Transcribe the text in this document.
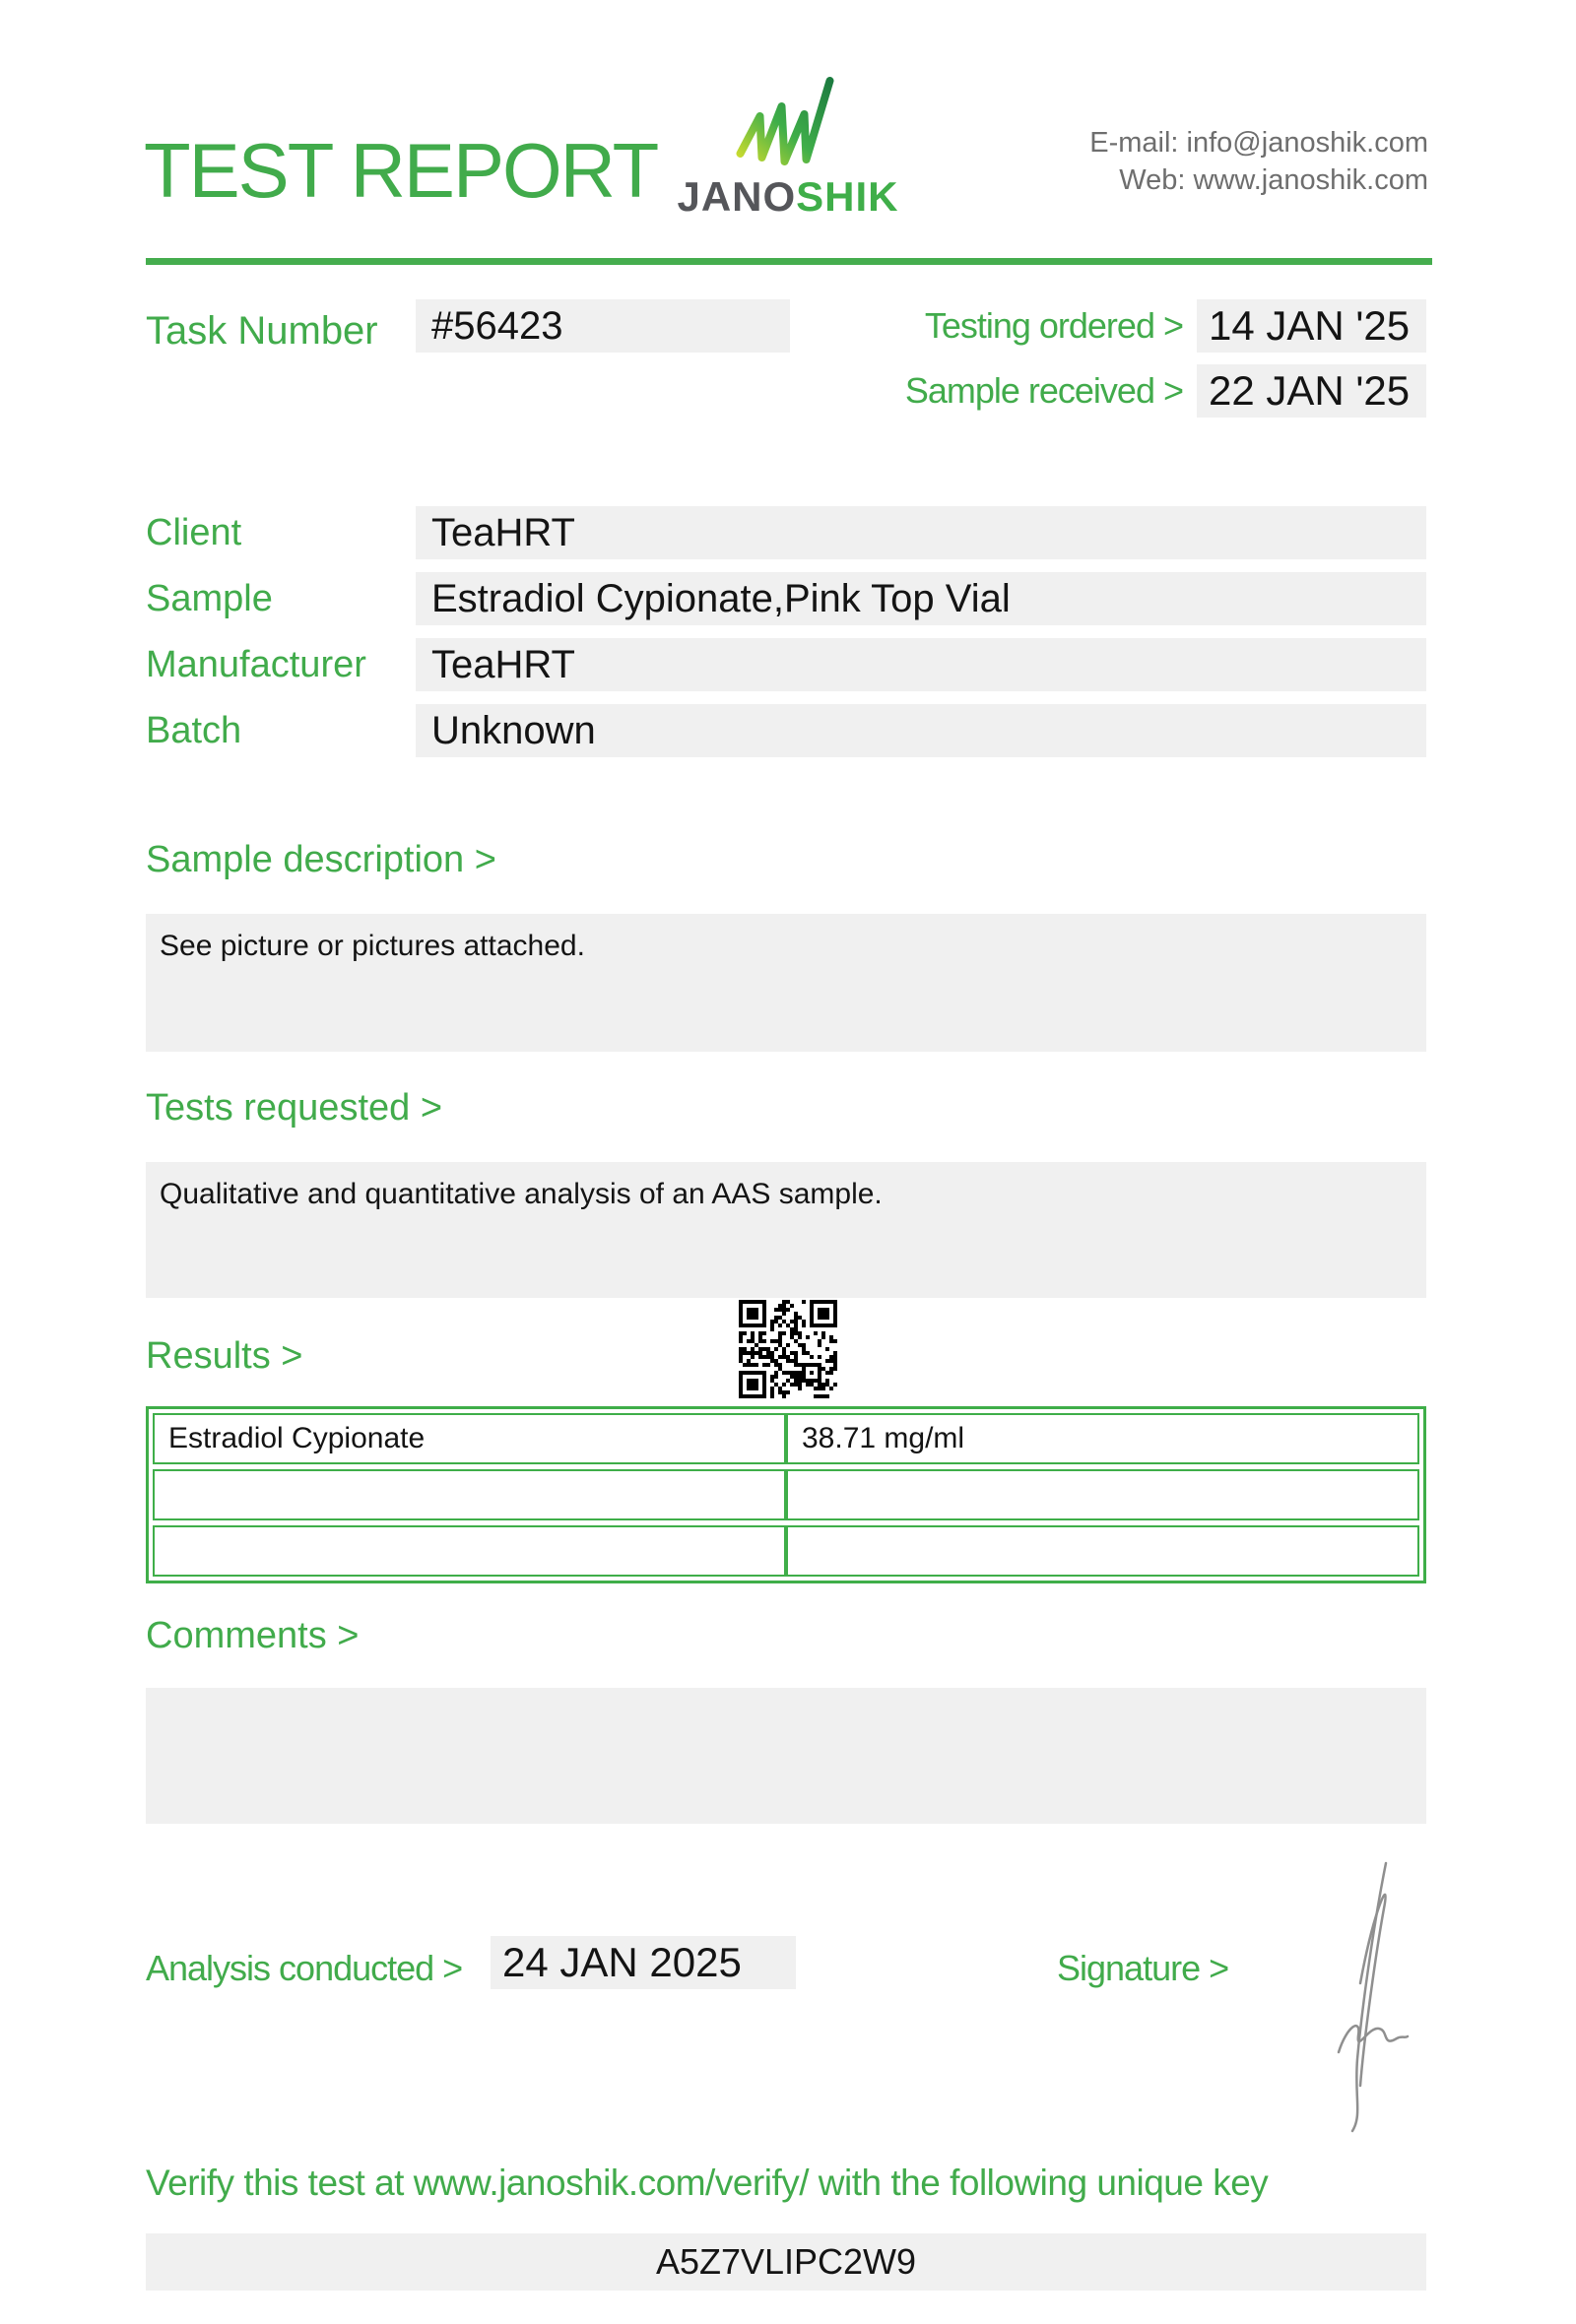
TEST REPORT JANOSHIK
E-mail: info@janoshik.com
Web: www.janoshik.com
Task Number	#56423	Testing ordered > 14 JAN '25
Sample received > 22 JAN '25
Client	TeaHRT
Sample	Estradiol Cypionate,Pink Top Vial
Manufacturer	TeaHRT
Batch	Unknown
Sample description >
See picture or pictures attached.
Tests requested >
Qualitative and quantitative analysis of an AAS sample.
Results >
Estradiol Cypionate	38.71 mg/ml
Comments >
Analysis conducted > 24 JAN 2025	Signature >
Verify this test at www.janoshik.com/verify/ with the following unique key
A5Z7VLIPC2W9
